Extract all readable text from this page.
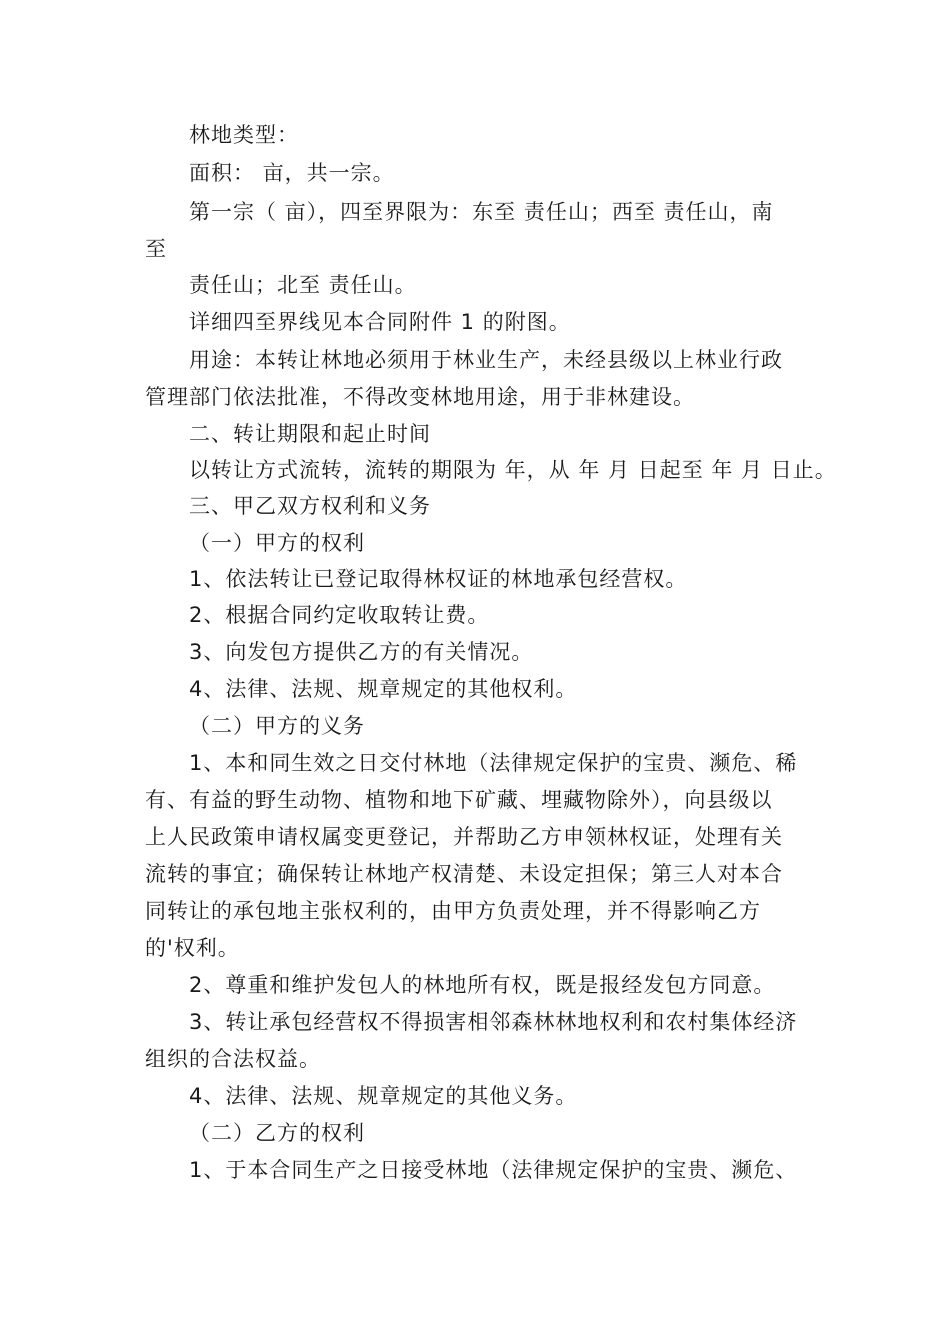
林地类型：
面积： 亩，共一宗。
第一宗（ 亩），四至界限为：东至 责任山；西至 责任山，南
至
责任山；北至 责任山。
详细四至界线见本合同附件 1 的附图。
用途：本转让林地必须用于林业生产，未经县级以上林业行政
管理部门依法批准，不得改变林地用途，用于非林建设。
二、转让期限和起止时间
以转让方式流转，流转的期限为 年，从 年 月 日起至 年 月 日止。
三、甲乙双方权利和义务
（一）甲方的权利
1、依法转让已登记取得林权证的林地承包经营权。
2、根据合同约定收取转让费。
3、向发包方提供乙方的有关情况。
4、法律、法规、规章规定的其他权利。
（二）甲方的义务
1、本和同生效之日交付林地（法律规定保护的宝贵、濒危、稀
有、有益的野生动物、植物和地下矿藏、埋藏物除外），向县级以
上人民政策申请权属变更登记，并帮助乙方申领林权证，处理有关
流转的事宜；确保转让林地产权清楚、未设定担保；第三人对本合
同转让的承包地主张权利的，由甲方负责处理，并不得影响乙方
的'权利。
2、尊重和维护发包人的林地所有权，既是报经发包方同意。
3、转让承包经营权不得损害相邻森林林地权利和农村集体经济
组织的合法权益。
4、法律、法规、规章规定的其他义务。
（二）乙方的权利
1、于本合同生产之日接受林地（法律规定保护的宝贵、濒危、
